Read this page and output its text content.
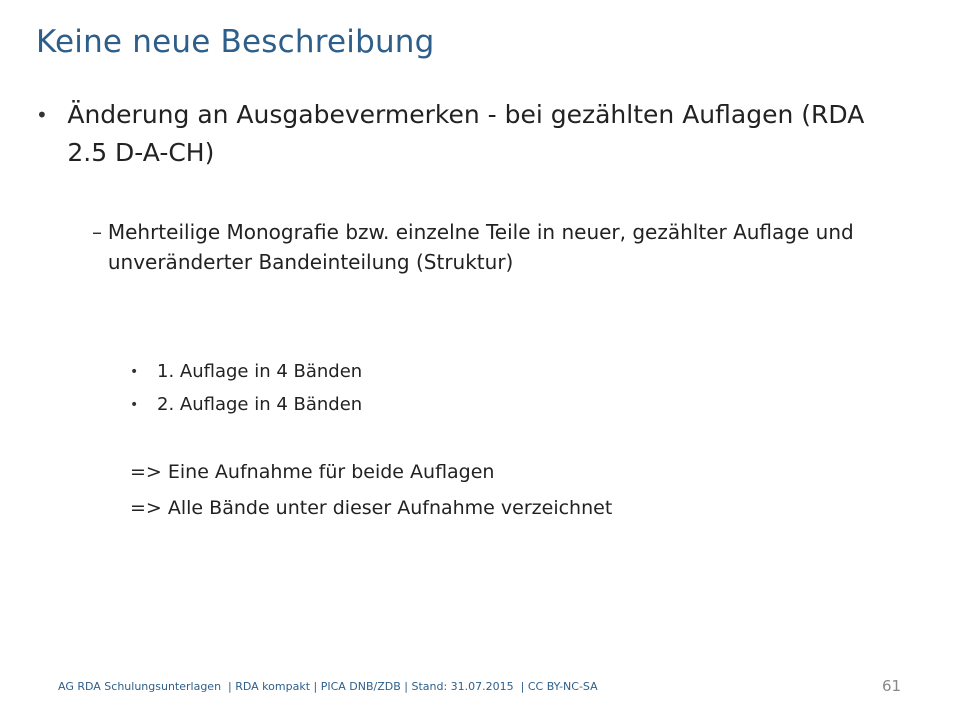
Keine neue Beschreibung
• Änderung an Ausgabevermerken - bei gezählten Auflagen (RDA 2.5 D-A-CH)
– Mehrteilige Monografie bzw. einzelne Teile in neuer, gezählter Auflage und unveränderter Bandeinteilung (Struktur)
•	1. Auflage in 4 Bänden
•	2. Auflage in 4 Bänden
=> Eine Aufnahme für beide Auflagen
=> Alle Bände unter dieser Aufnahme verzeichnet
AG RDA Schulungsunterlagen  | RDA kompakt | PICA DNB/ZDB | Stand: 31.07.2015  | CC BY-NC-SA	61
